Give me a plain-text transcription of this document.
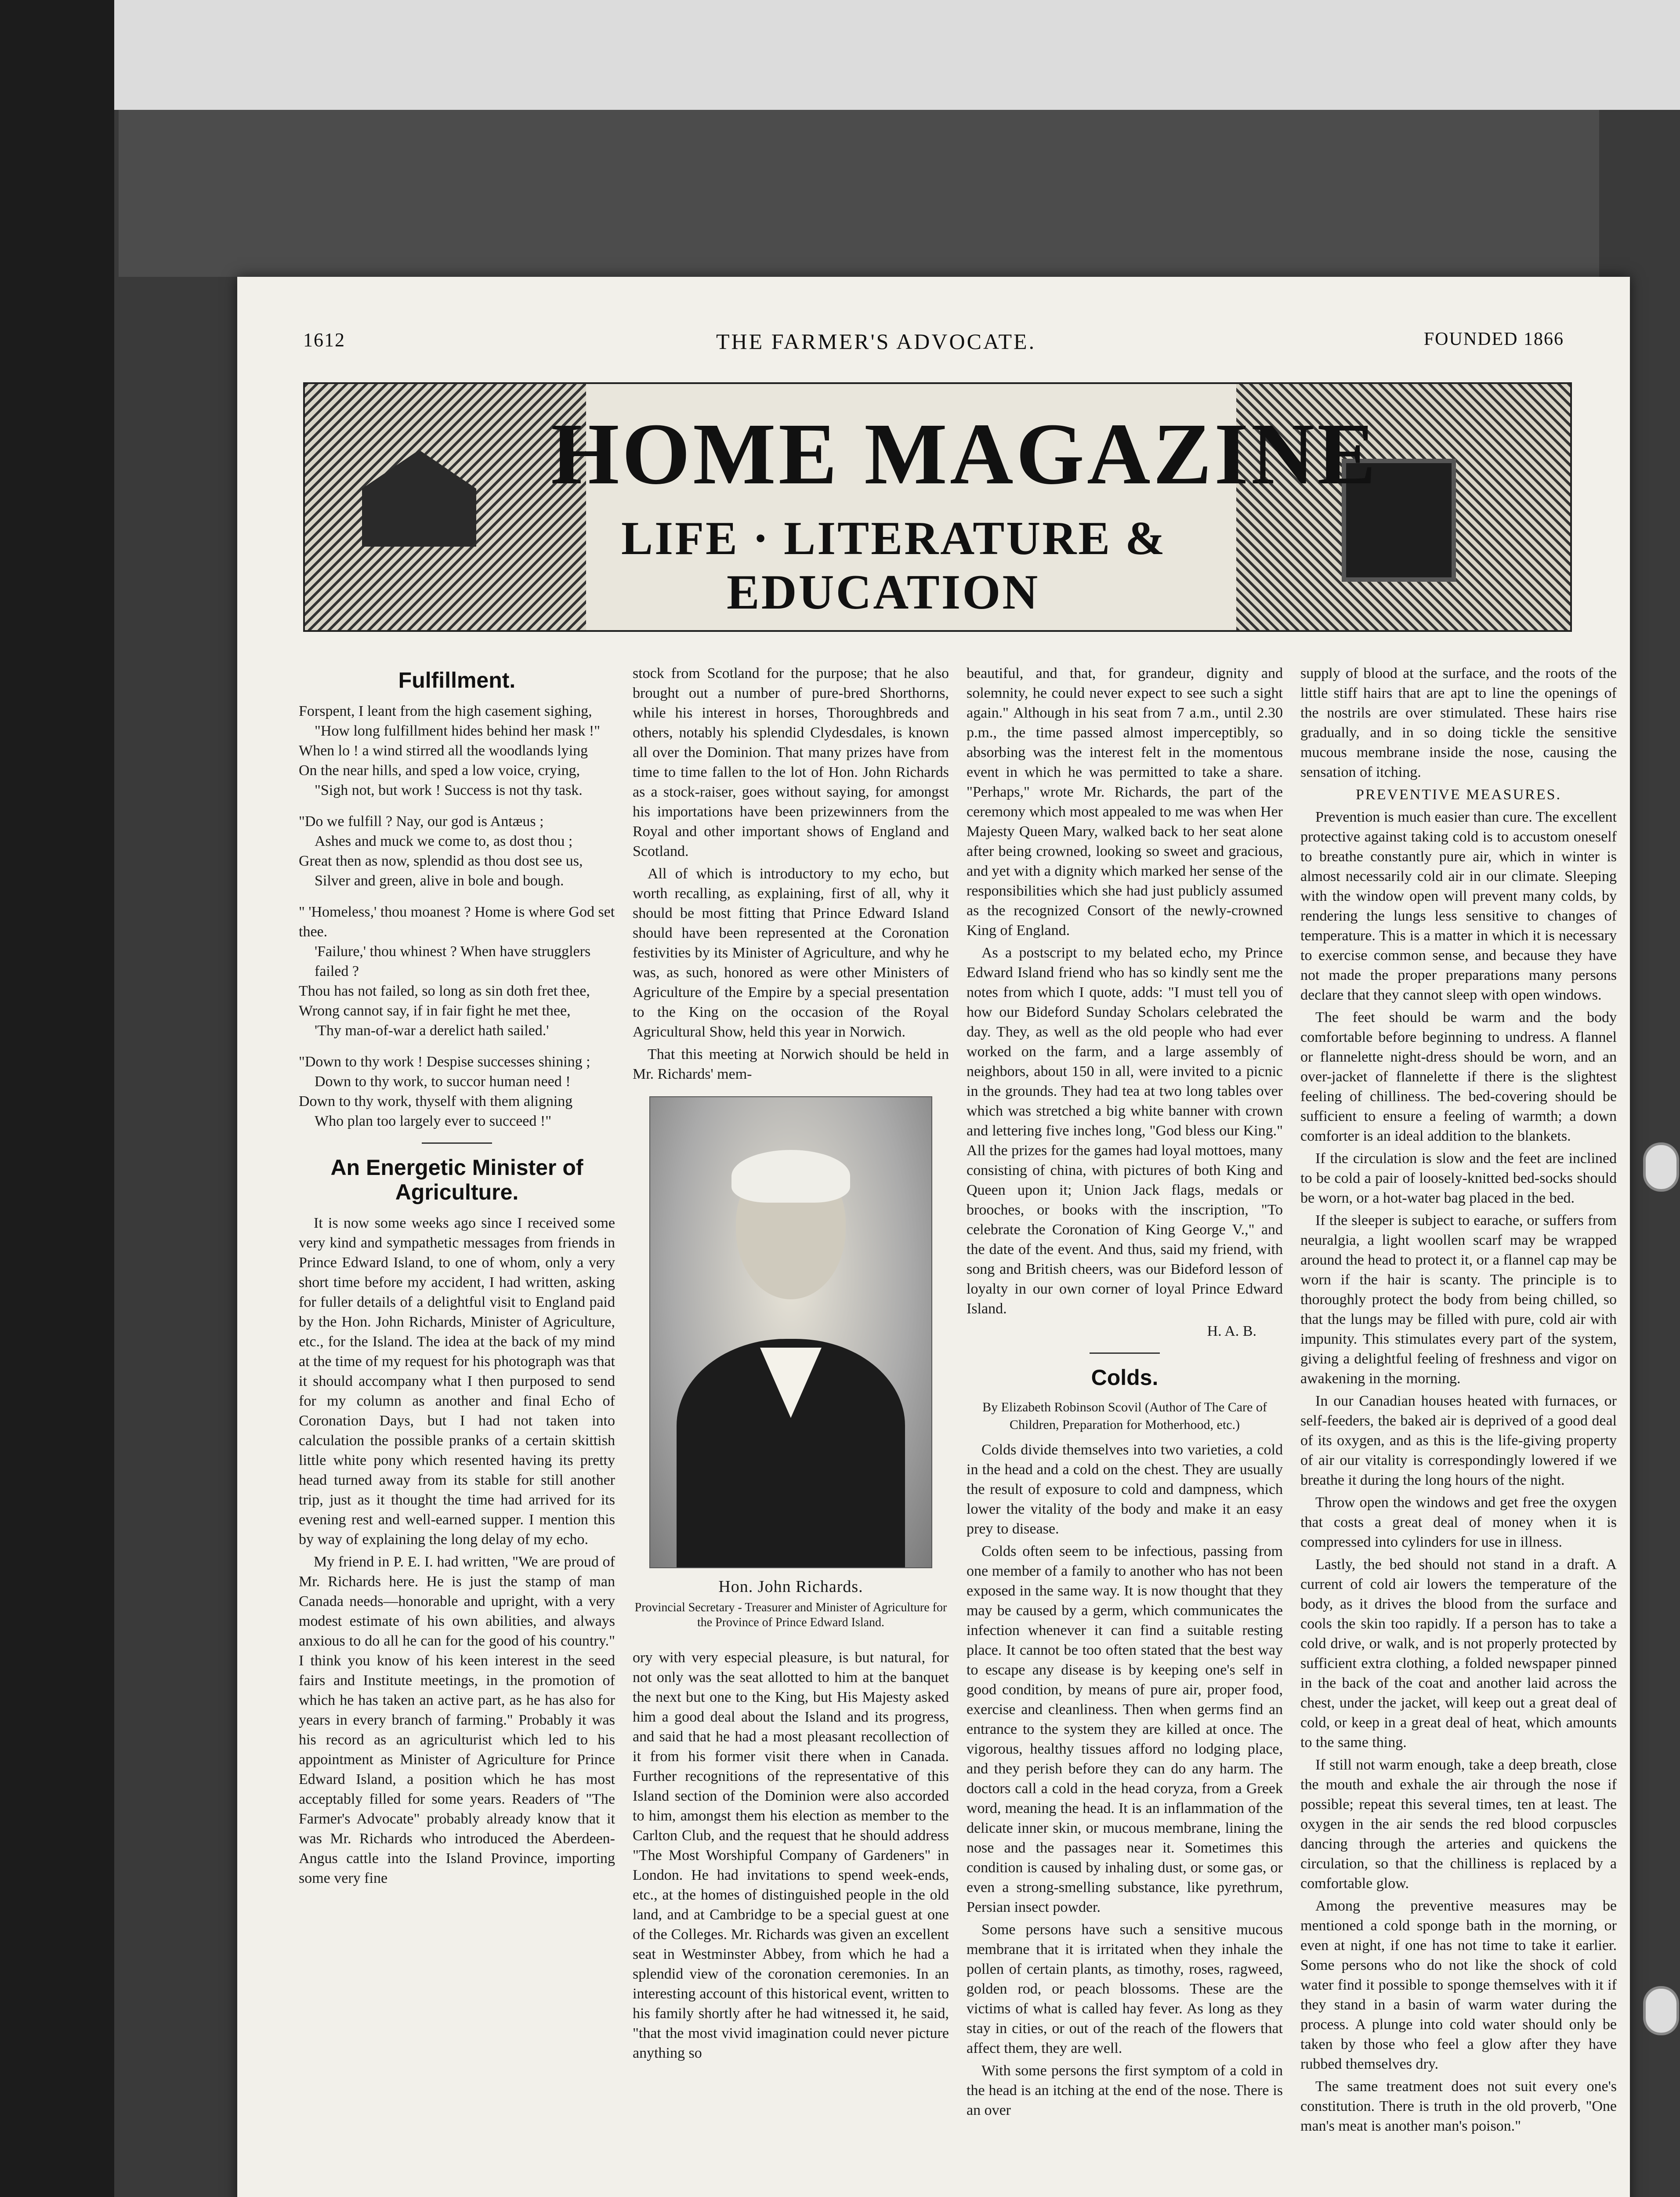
1612	THE FARMER'S ADVOCATE.	FOUNDED 1866
HOME MAGAZINE
LIFE · LITERATURE &
EDUCATION
Fulfillment.

Forspent, I leant from the high casement sighing,

"How long fulfillment hides behind her mask !"

When lo ! a wind stirred all the woodlands lying

On the near hills, and sped a low voice, crying,

"Sigh not, but work ! Success is not thy task.

"Do we fulfill ? Nay, our god is Antæus ;

Ashes and muck we come to, as dost thou ;

Great then as now, splendid as thou dost see us,

Silver and green, alive in bole and bough.

" 'Homeless,' thou moanest ? Home is where God set thee.

'Failure,' thou whinest ? When have strugglers failed ?

Thou has not failed, so long as sin doth fret thee,

Wrong cannot say, if in fair fight he met thee,

'Thy man-of-war a derelict hath sailed.'

"Down to thy work ! Despise successes shining ;

Down to thy work, to succor human need !

Down to thy work, thyself with them aligning

Who plan too largely ever to succeed !"

An Energetic Minister of Agriculture.

It is now some weeks ago since I received some very kind and sympathetic messages from friends in Prince Edward Island, to one of whom, only a very short time before my accident, I had written, asking for fuller details of a delightful visit to England paid by the Hon. John Richards, Minister of Agriculture, etc., for the Island. The idea at the back of my mind at the time of my request for his photograph was that it should accompany what I then purposed to send for my column as another and final Echo of Coronation Days, but I had not taken into calculation the possible pranks of a certain skittish little white pony which resented having its pretty head turned away from its stable for still another trip, just as it thought the time had arrived for its evening rest and well-earned supper. I mention this by way of explaining the long delay of my echo.

My friend in P. E. I. had written, "We are proud of Mr. Richards here. He is just the stamp of man Canada needs—honorable and upright, with a very modest estimate of his own abilities, and always anxious to do all he can for the good of his country." I think you know of his keen interest in the seed fairs and Institute meetings, in the promotion of which he has taken an active part, as he has also for years in every branch of farming." Probably it was his record as an agriculturist which led to his appointment as Minister of Agriculture for Prince Edward Island, a position which he has most acceptably filled for some years. Readers of "The Farmer's Advocate" probably already know that it was Mr. Richards who introduced the Aberdeen-Angus cattle into the Island Province, importing some very fine

stock from Scotland for the purpose; that he also brought out a number of pure-bred Shorthorns, while his interest in horses, Thoroughbreds and others, notably his splendid Clydesdales, is known all over the Dominion. That many prizes have from time to time fallen to the lot of Hon. John Richards as a stock-raiser, goes without saying, for amongst his importations have been prizewinners from the Royal and other important shows of England and Scotland.

All of which is introductory to my echo, but worth recalling, as explaining, first of all, why it should be most fitting that Prince Edward Island should have been represented at the Coronation festivities by its Minister of Agriculture, and why he was, as such, honored as were other Ministers of Agriculture of the Empire by a special presentation to the King on the occasion of the Royal Agricultural Show, held this year in Norwich.

That this meeting at Norwich should be held in Mr. Richards' mem-

Hon. John Richards.
Provincial Secretary - Treasurer and Minister of Agriculture for the Province of Prince Edward Island.

ory with very especial pleasure, is but natural, for not only was the seat allotted to him at the banquet the next but one to the King, but His Majesty asked him a good deal about the Island and its progress, and said that he had a most pleasant recollection of it from his former visit there when in Canada. Further recognitions of the representative of this Island section of the Dominion were also accorded to him, amongst them his election as member to the Carlton Club, and the request that he should address "The Most Worshipful Company of Gardeners" in London. He had invitations to spend week-ends, etc., at the homes of distinguished people in the old land, and at Cambridge to be a special guest at one of the Colleges. Mr. Richards was given an excellent seat in Westminster Abbey, from which he had a splendid view of the coronation ceremonies. In an interesting account of this historical event, written to his family shortly after he had witnessed it, he said, "that the most vivid imagination could never picture anything so

beautiful, and that, for grandeur, dignity and solemnity, he could never expect to see such a sight again." Although in his seat from 7 a.m., until 2.30 p.m., the time passed almost imperceptibly, so absorbing was the interest felt in the momentous event in which he was permitted to take a share. "Perhaps," wrote Mr. Richards, the part of the ceremony which most appealed to me was when Her Majesty Queen Mary, walked back to her seat alone after being crowned, looking so sweet and gracious, and yet with a dignity which marked her sense of the responsibilities which she had just publicly assumed as the recognized Consort of the newly-crowned King of England.

As a postscript to my belated echo, my Prince Edward Island friend who has so kindly sent me the notes from which I quote, adds: "I must tell you of how our Bideford Sunday Scholars celebrated the day. They, as well as the old people who had ever worked on the farm, and a large assembly of neighbors, about 150 in all, were invited to a picnic in the grounds. They had tea at two long tables over which was stretched a big white banner with crown and lettering five inches long, "God bless our King." All the prizes for the games had loyal mottoes, many consisting of china, with pictures of both King and Queen upon it; Union Jack flags, medals or brooches, or books with the inscription, "To celebrate the Coronation of King George V.," and the date of the event. And thus, said my friend, with song and British cheers, was our Bideford lesson of loyalty in our own corner of loyal Prince Edward Island.

H. A. B.
Colds.
By Elizabeth Robinson Scovil (Author of The Care of Children, Preparation for Motherhood, etc.)

Colds divide themselves into two varieties, a cold in the head and a cold on the chest. They are usually the result of exposure to cold and dampness, which lower the vitality of the body and make it an easy prey to disease.

Colds often seem to be infectious, passing from one member of a family to another who has not been exposed in the same way. It is now thought that they may be caused by a germ, which communicates the infection whenever it can find a suitable resting place. It cannot be too often stated that the best way to escape any disease is by keeping one's self in good condition, by means of pure air, proper food, exercise and cleanliness. Then when germs find an entrance to the system they are killed at once. The vigorous, healthy tissues afford no lodging place, and they perish before they can do any harm. The doctors call a cold in the head coryza, from a Greek word, meaning the head. It is an inflammation of the delicate inner skin, or mucous membrane, lining the nose and the passages near it. Sometimes this condition is caused by inhaling dust, or some gas, or even a strong-smelling substance, like pyrethrum, Persian insect powder.

Some persons have such a sensitive mucous membrane that it is irritated when they inhale the pollen of certain plants, as timothy, roses, ragweed, golden rod, or peach blossoms. These are the victims of what is called hay fever. As long as they stay in cities, or out of the reach of the flowers that affect them, they are well.

With some persons the first symptom of a cold in the head is an itching at the end of the nose. There is an over

supply of blood at the surface, and the roots of the little stiff hairs that are apt to line the openings of the nostrils are over stimulated. These hairs rise gradually, and in so doing tickle the sensitive mucous membrane inside the nose, causing the sensation of itching.

PREVENTIVE MEASURES.

Prevention is much easier than cure. The excellent protective against taking cold is to accustom oneself to breathe constantly pure air, which in winter is almost necessarily cold air in our climate. Sleeping with the window open will prevent many colds, by rendering the lungs less sensitive to changes of temperature. This is a matter in which it is necessary to exercise common sense, and because they have not made the proper preparations many persons declare that they cannot sleep with open windows.

The feet should be warm and the body comfortable before beginning to undress. A flannel or flannelette night-dress should be worn, and an over-jacket of flannelette if there is the slightest feeling of chilliness. The bed-covering should be sufficient to ensure a feeling of warmth; a down comforter is an ideal addition to the blankets.

If the circulation is slow and the feet are inclined to be cold a pair of loosely-knitted bed-socks should be worn, or a hot-water bag placed in the bed.

If the sleeper is subject to earache, or suffers from neuralgia, a light woollen scarf may be wrapped around the head to protect it, or a flannel cap may be worn if the hair is scanty. The principle is to thoroughly protect the body from being chilled, so that the lungs may be filled with pure, cold air with impunity. This stimulates every part of the system, giving a delightful feeling of freshness and vigor on awakening in the morning.

In our Canadian houses heated with furnaces, or self-feeders, the baked air is deprived of a good deal of its oxygen, and as this is the life-giving property of air our vitality is correspondingly lowered if we breathe it during the long hours of the night.

Throw open the windows and get free the oxygen that costs a great deal of money when it is compressed into cylinders for use in illness.

Lastly, the bed should not stand in a draft. A current of cold air lowers the temperature of the body, as it drives the blood from the surface and cools the skin too rapidly. If a person has to take a cold drive, or walk, and is not properly protected by sufficient extra clothing, a folded newspaper pinned in the back of the coat and another laid across the chest, under the jacket, will keep out a great deal of cold, or keep in a great deal of heat, which amounts to the same thing.

If still not warm enough, take a deep breath, close the mouth and exhale the air through the nose if possible; repeat this several times, ten at least. The oxygen in the air sends the red blood corpuscles dancing through the arteries and quickens the circulation, so that the chilliness is replaced by a comfortable glow.

Among the preventive measures may be mentioned a cold sponge bath in the morning, or even at night, if one has not time to take it earlier. Some persons who do not like the shock of cold water find it possible to sponge themselves with it if they stand in a basin of warm water during the process. A plunge into cold water should only be taken by those who feel a glow after they have rubbed themselves dry.

The same treatment does not suit every one's constitution. There is truth in the old proverb, "One man's meat is another man's poison."
